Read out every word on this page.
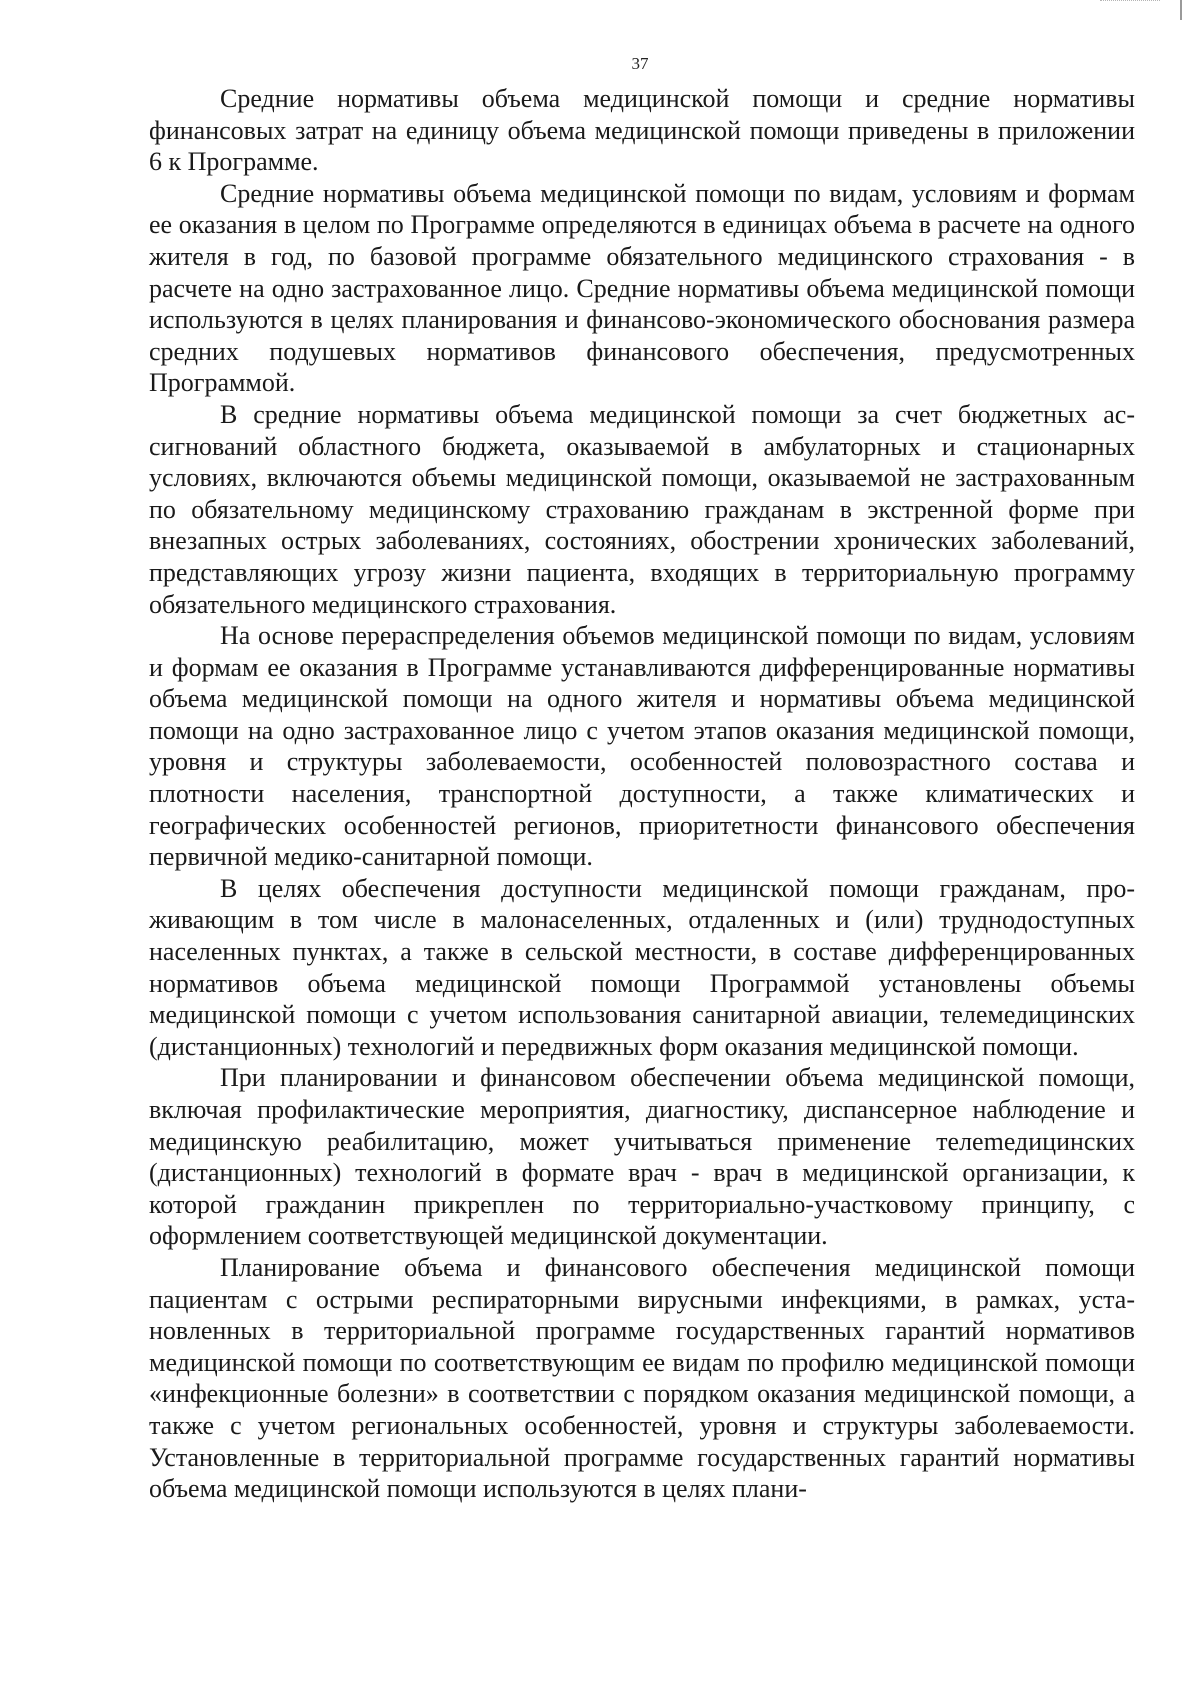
37

Средние нормативы объема медицинской помощи и средние нормативы финансовых затрат на единицу объема медицинской помощи приведены в приложении 6 к Программе.

Средние нормативы объема медицинской помощи по видам, условиям и формам ее оказания в целом по Программе определяются в единицах объема в расчете на одного жителя в год, по базовой программе обязательного медицинского страхования - в расчете на одно застрахованное лицо. Средние нормативы объема медицинской помощи используются в целях планирования и финансово-экономического обоснования размера средних подушевых нормативов финансового обеспечения, предусмотренных Программой.

В средние нормативы объема медицинской помощи за счет бюджетных ассигнований областного бюджета, оказываемой в амбулаторных и стационарных условиях, включаются объемы медицинской помощи, оказываемой не застрахованным по обязательному медицинскому страхованию гражданам в экстренной форме при внезапных острых заболеваниях, состояниях, обострении хронических заболеваний, представляющих угрозу жизни пациента, входящих в территориальную программу обязательного медицинского страхования.

На основе перераспределения объемов медицинской помощи по видам, условиям и формам ее оказания в Программе устанавливаются дифференцированные нормативы объема медицинской помощи на одного жителя и нормативы объема медицинской помощи на одно застрахованное лицо с учетом этапов оказания медицинской помощи, уровня и структуры заболеваемости, особенностей половозрастного состава и плотности населения, транспортной доступности, а также климатических и географических особенностей регионов, приоритетности финансового обеспечения первичной медико-санитарной помощи.

В целях обеспечения доступности медицинской помощи гражданам, проживающим в том числе в малонаселенных, отдаленных и (или) труднодоступных населенных пунктах, а также в сельской местности, в составе дифференцированных нормативов объема медицинской помощи Программой установлены объемы медицинской помощи с учетом использования санитарной авиации, телемедицинских (дистанционных) технологий и передвижных форм оказания медицинской помощи.

При планировании и финансовом обеспечении объема медицинской помощи, включая профилактические мероприятия, диагностику, диспансерное наблюдение и медицинскую реабилитацию, может учитываться применение телеmедицинских (дистанционных) технологий в формате врач - врач в медицинской организации, к которой гражданин прикреплен по территориально-участковому принципу, с оформлением соответствующей медицинской документации.

Планирование объема и финансового обеспечения медицинской помощи пациентам с острыми респираторными вирусными инфекциями, в рамках, установленных в территориальной программе государственных гарантий нормативов медицинской помощи по соответствующим ее видам по профилю медицинской помощи «инфекционные болезни» в соответствии с порядком оказания медицинской помощи, а также с учетом региональных особенностей, уровня и структуры заболеваемости. Установленные в территориальной программе государственных гарантий нормативы объема медицинской помощи используются в целях плани-
